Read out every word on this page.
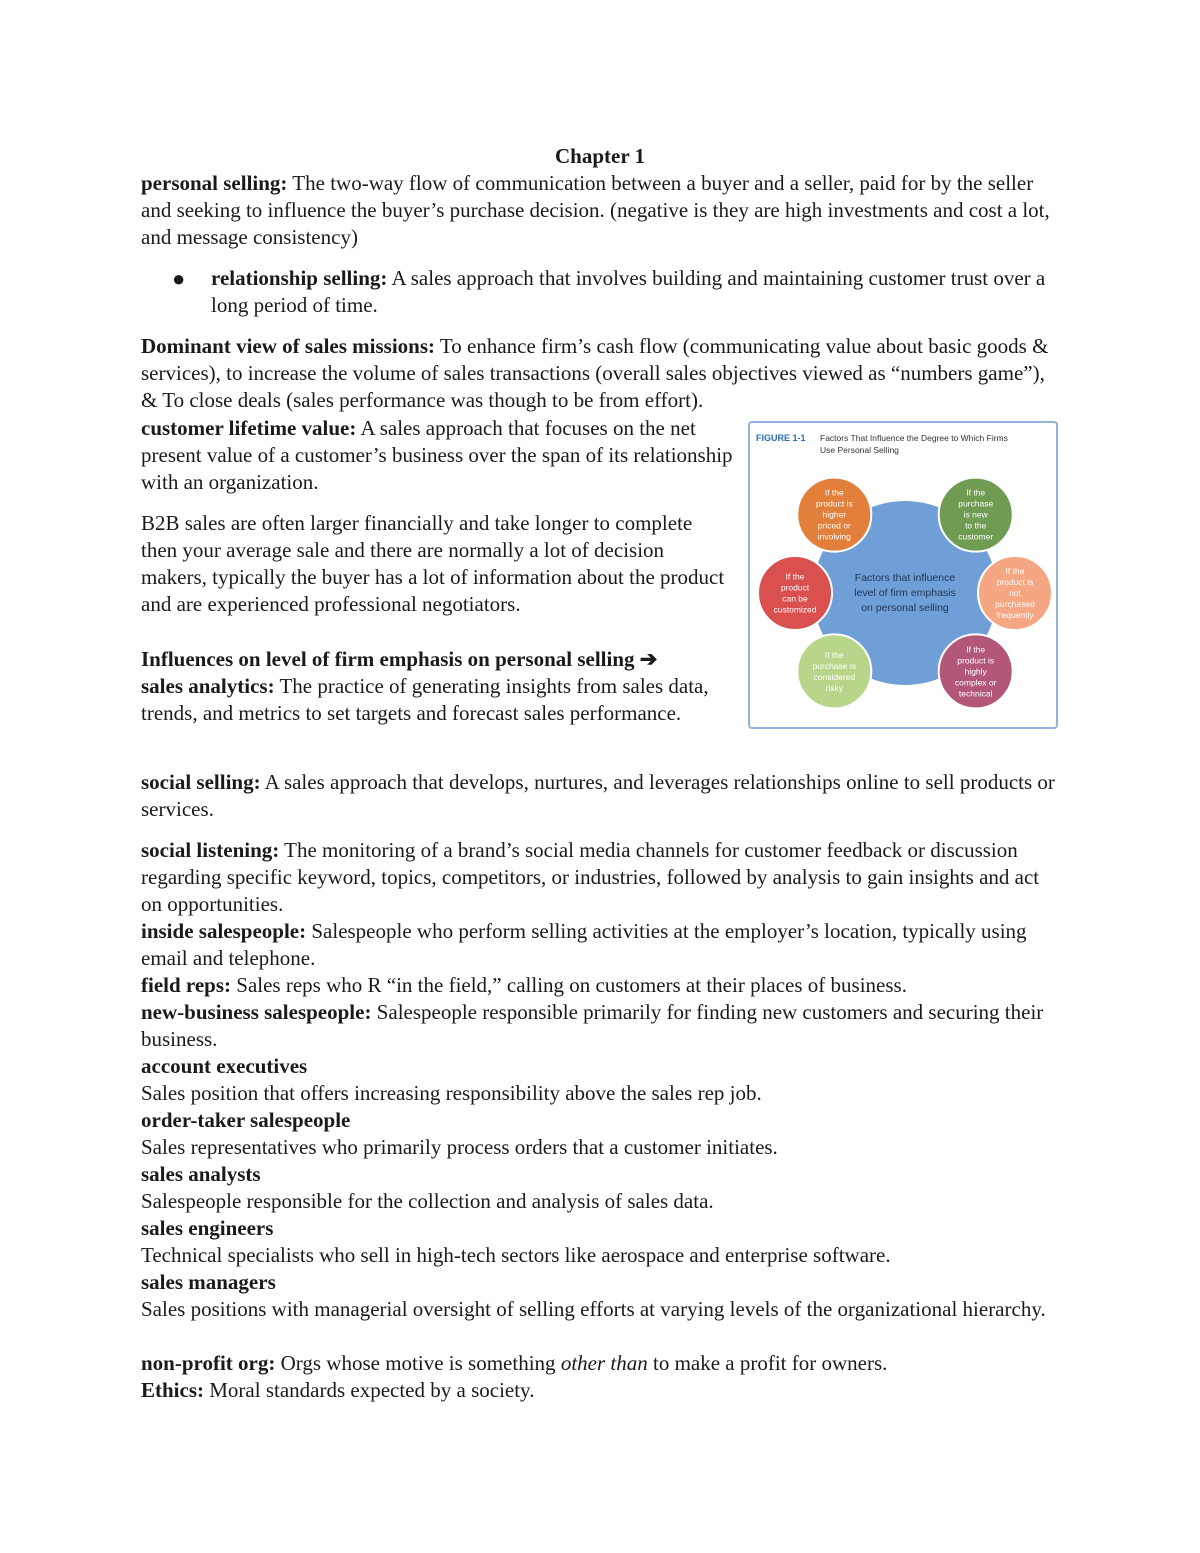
Chapter 1
personal selling: The two-way flow of communication between a buyer and a seller, paid for by the seller and seeking to influence the buyer’s purchase decision. (negative is they are high investments and cost a lot, and message consistency)
● relationship selling: A sales approach that involves building and maintaining customer trust over a long period of time.
Dominant view of sales missions: To enhance firm’s cash flow (communicating value about basic goods & services), to increase the volume of sales transactions (overall sales objectives viewed as “numbers game”), & To close deals (sales performance was though to be from effort).
customer lifetime value: A sales approach that focuses on the net present value of a customer’s business over the span of its relationship with an organization.
B2B sales are often larger financially and take longer to complete then your average sale and there are normally a lot of decision makers, typically the buyer has a lot of information about the product and are experienced professional negotiators.
Influences on level of firm emphasis on personal selling ➔
sales analytics: The practice of generating insights from sales data, trends, and metrics to set targets and forecast sales performance.
social selling: A sales approach that develops, nurtures, and leverages relationships online to sell products or services.
social listening: The monitoring of a brand’s social media channels for customer feedback or discussion regarding specific keyword, topics, competitors, or industries, followed by analysis to gain insights and act on opportunities.
inside salespeople: Salespeople who perform selling activities at the employer’s location, typically using email and telephone.
field reps: Sales reps who R “in the field,” calling on customers at their places of business.
new-business salespeople: Salespeople responsible primarily for finding new customers and securing their business.
account executives
Sales position that offers increasing responsibility above the sales rep job.
order-taker salespeople
Sales representatives who primarily process orders that a customer initiates.
sales analysts
Salespeople responsible for the collection and analysis of sales data.
sales engineers
Technical specialists who sell in high-tech sectors like aerospace and enterprise software.
sales managers
Sales positions with managerial oversight of selling efforts at varying levels of the organizational hierarchy.
non-profit org: Orgs whose motive is something other than to make a profit for owners.
Ethics: Moral standards expected by a society.
FIGURE 1-1 Factors That Influence the Degree to Which Firms
Use Personal Selling
Factors that influence level of firm emphasis on personal selling
If the product is higher priced or involving
If the purchase is new to the customer
If the product is not purchased frequently
If the product is highly complex or technical
If the purchase is considered risky
If the product can be customized
